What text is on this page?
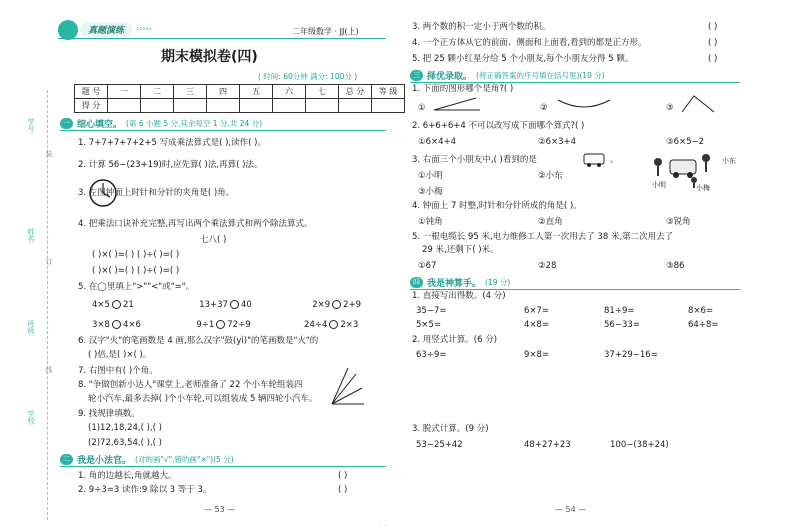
学号:
姓名:
班级:
学校:
装
订
线
真题演练	›››››	二年级数学 · JJ(上)
期末模拟卷(四)
( 时间: 60分钟 满分: 100分 )
题 号	一	二	三	四	五	六	七	总 分	等 级
得 分									
一 细心填空。 (第 6 小题 5 分,其余每空 1 分,共 24 分)
1. 7+7+7+7+2+5 写成乘法算式是( ),读作( )。
2. 计算 56−(23+19)时,应先算( )法,再算( )法。
3. 左图钟面上时针和分针的夹角是( )角。
4. 把乘法口诀补充完整,再写出两个乘法算式和两个除法算式。
七八( )
( )×( )=( ) ( )÷( )=( )
( )×( )=( ) ( )÷( )=( )
5. 在◯里填上">""<"或"="。
4×5 21	13+37 40	2×9 2+9
3×8 4×6	9÷1 72÷9	24÷4 2×3
6. 汉字"火"的笔画数是 4 画,那么汉字"鼓(yì)"的笔画数是"火"的
( )倍,是( )×( )。
7. 右图中有( )个角。
8. "争做创新小达人"课堂上,老师准备了 22 个小车轮组装四
轮小汽车,最多去掉( )个小车轮,可以组装成 5 辆四轮小汽车。
9. 找规律填数。
(1)12,18,24,( ),( )
(2)72,63,54,( ),( )
二 我是小法官。 (对的画"√",错的画"×")(5 分)
1. 角的边越长,角就越大。	( )
2. 9÷3=3 读作:9 除以 3 等于 3。	( )
— 53 —
3. 两个数的积一定小于两个数的积。	( )
4. 一个正方体从它的前面、侧面和上面看,看到的都是正方形。	( )
5. 把 25 颗小红星分给 5 个小朋友,每个小朋友分得 5 颗。	( )
三 择优录取。 (将正确答案的序号填在括号里)(10 分)
1. 下面的图形哪个是角?( )
①	②	③
2. 6+6+6+4 不可以改写成下面哪个算式?( )
①6×4+4	②6×3+4	③6×5−2
3. 右面三个小朋友中,( )看到的是	。
①小明	②小东
③小梅
小东
小明	小梅
4. 钟面上 7 时整,时针和分针所成的角是( )。
①钝角	②直角	③锐角
5. 一根电缆长 95 米,电力维修工人第一次用去了 38 米,第二次用去了
29 米,还剩下( )米。
①67	②28	③86
四 我是神算手。 (19 分)
1. 直接写出得数。(4 分)
35−7=	6×7=	81÷9=	8×6=
5×5=	4×8=	56−33=	64÷8=
2. 用竖式计算。(6 分)
63÷9=	9×8=	37+29−16=
3. 脱式计算。(9 分)
53−25+42	48+27+23	100−(38+24)
— 54 —
· ·
